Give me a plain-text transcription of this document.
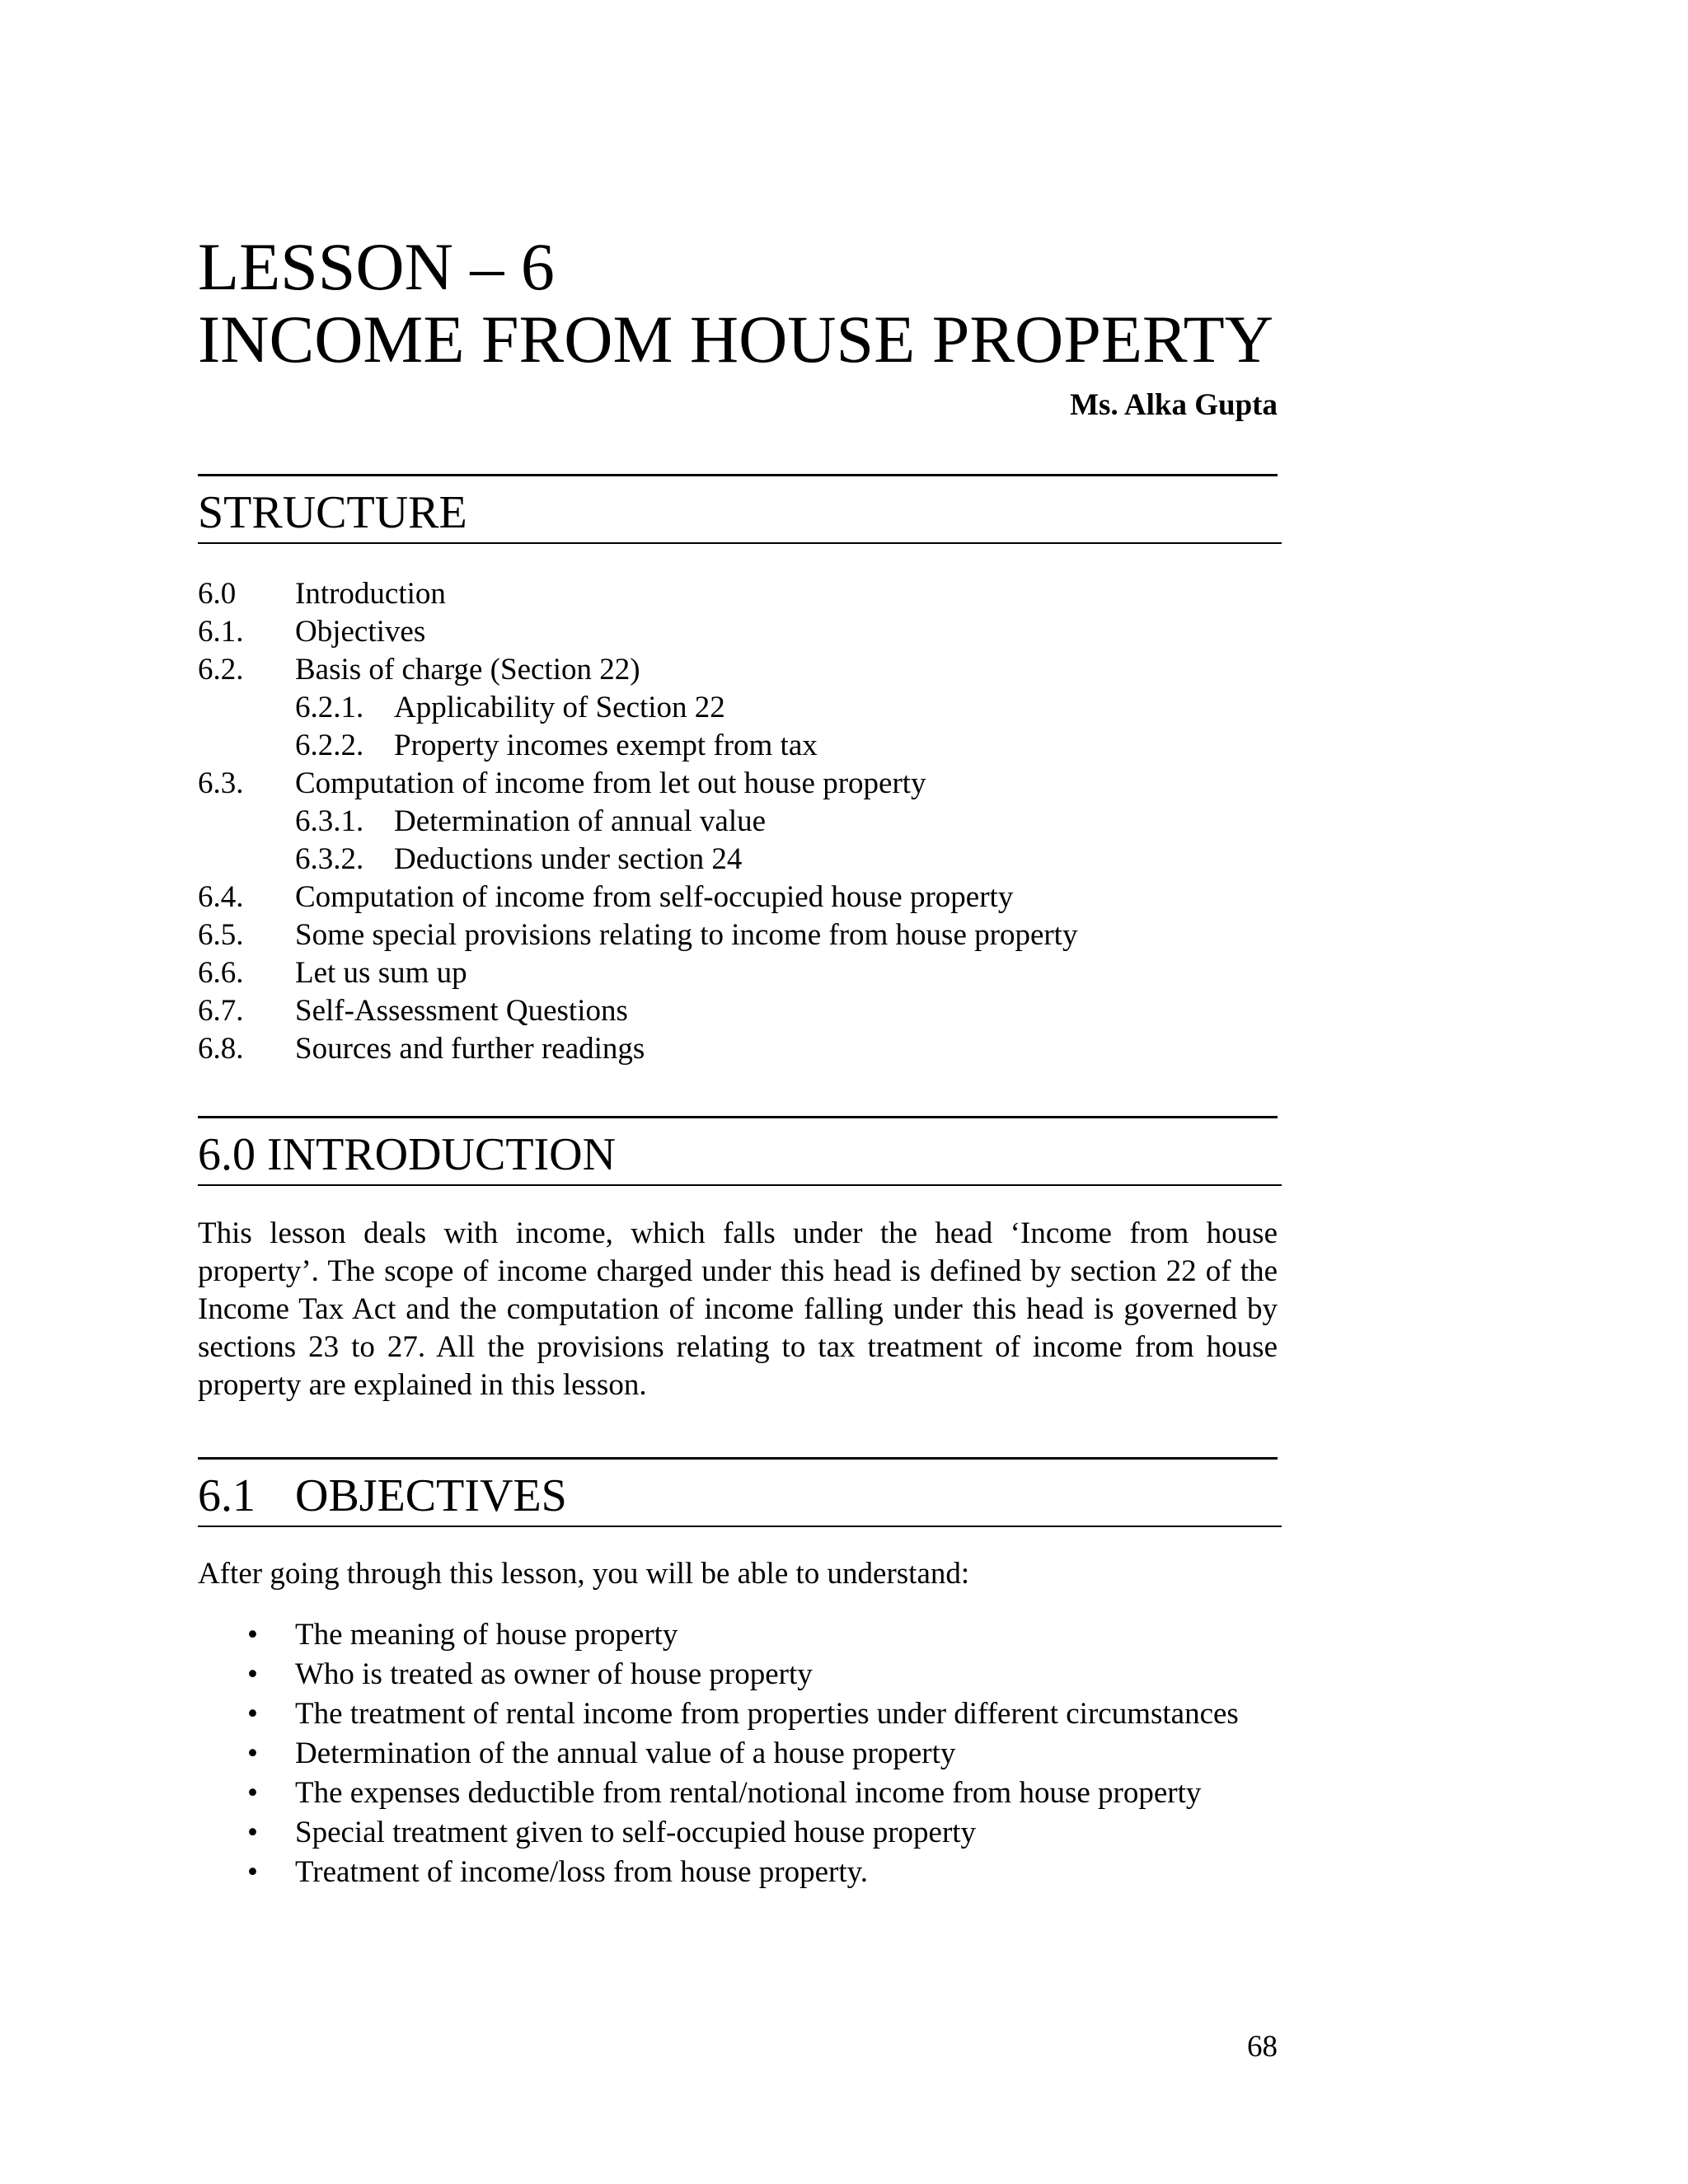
LESSON – 6
INCOME FROM HOUSE PROPERTY
Ms. Alka Gupta
STRUCTURE
6.0 Introduction
6.1. Objectives
6.2. Basis of charge (Section 22)
6.2.1. Applicability of Section 22
6.2.2. Property incomes exempt from tax
6.3. Computation of income from let out house property
6.3.1. Determination of annual value
6.3.2. Deductions under section 24
6.4. Computation of income from self-occupied house property
6.5. Some special provisions relating to income from house property
6.6. Let us sum up
6.7. Self-Assessment Questions
6.8. Sources and further readings
6.0 INTRODUCTION

This lesson deals with income, which falls under the head ‘Income from house property’. The scope of income charged under this head is defined by section 22 of the Income Tax Act and the computation of income falling under this head is governed by sections 23 to 27. All the provisions relating to tax treatment of income from house property are explained in this lesson.

6.1 OBJECTIVES

After going through this lesson, you will be able to understand:

• The meaning of house property
• Who is treated as owner of house property
• The treatment of rental income from properties under different circumstances
• Determination of the annual value of a house property
• The expenses deductible from rental/notional income from house property
• Special treatment given to self-occupied house property
• Treatment of income/loss from house property.
68
